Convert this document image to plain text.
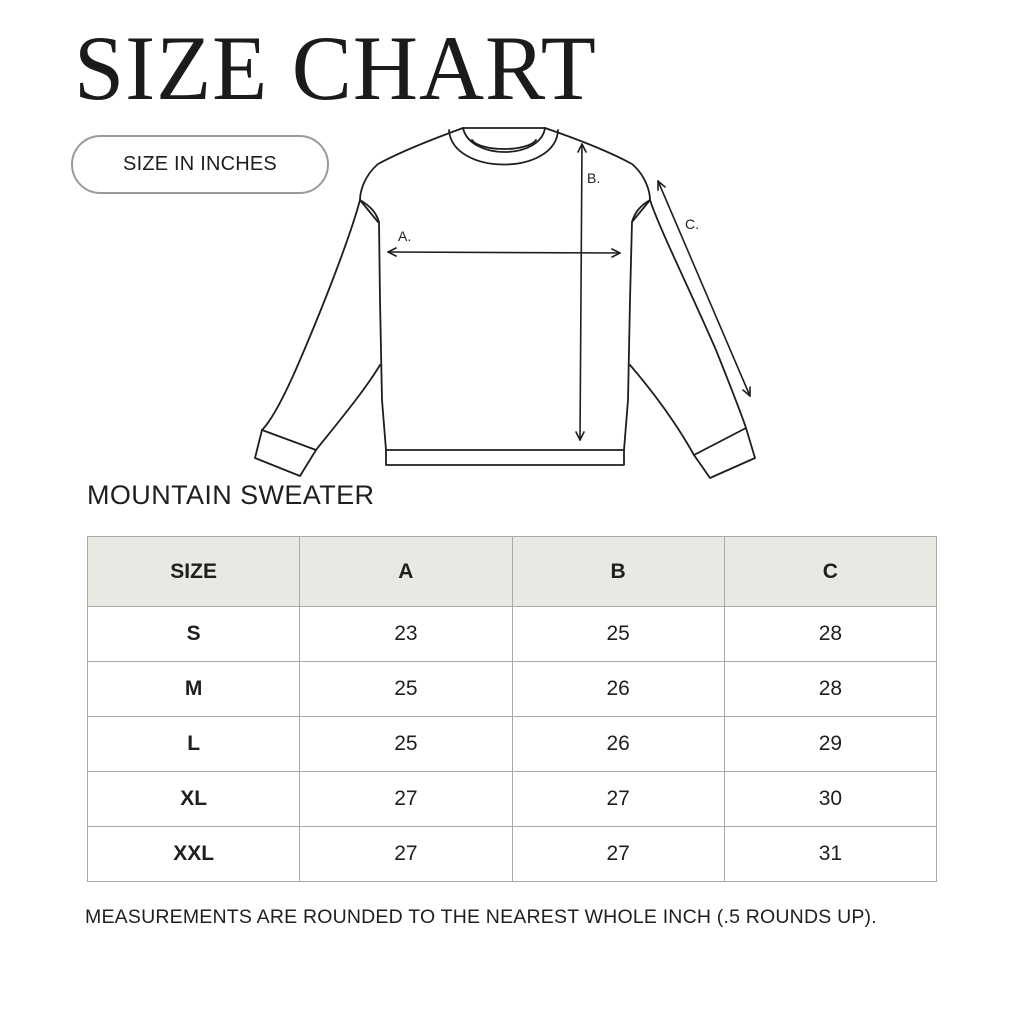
SIZE CHART
SIZE IN INCHES
A.
B.
C.
MOUNTAIN SWEATER
SIZE	A	B	C
S	23	25	28
M	25	26	28
L	25	26	29
XL	27	27	30
XXL	27	27	31
MEASUREMENTS ARE ROUNDED TO THE NEAREST WHOLE INCH (.5 ROUNDS UP).
